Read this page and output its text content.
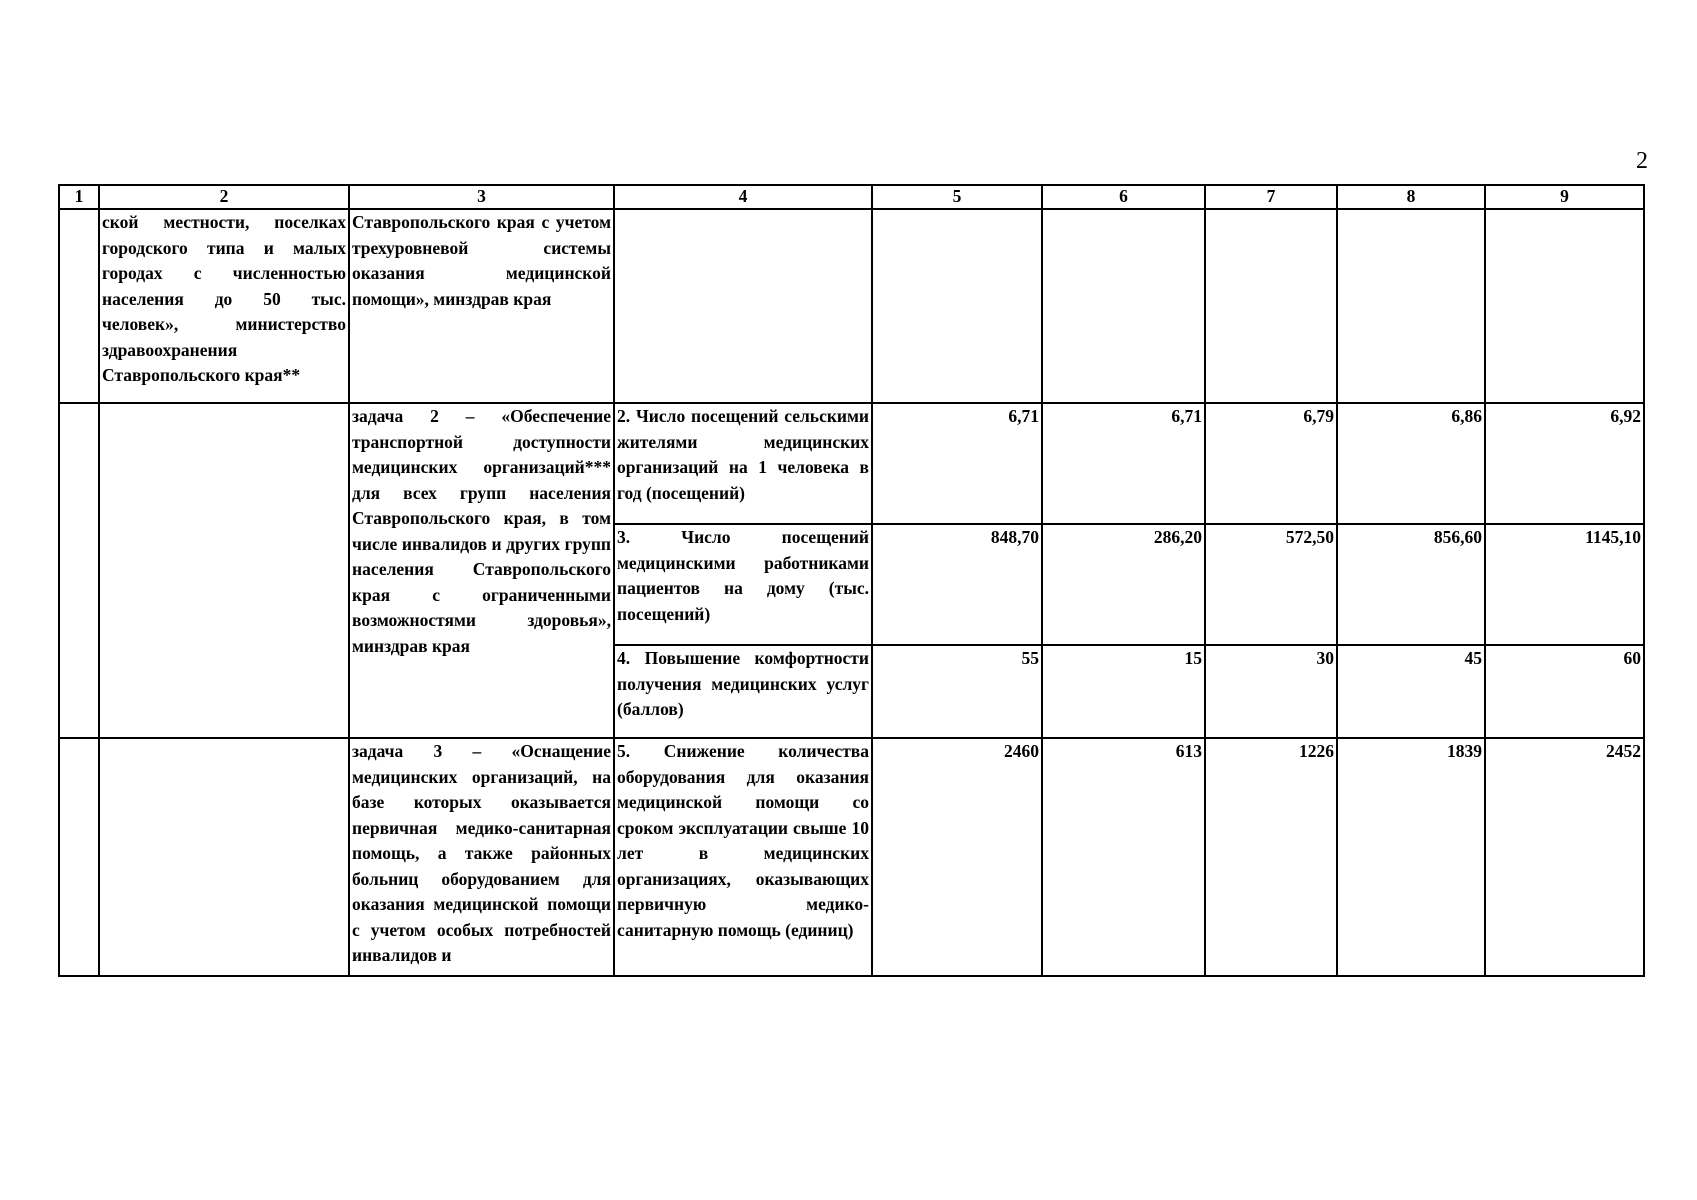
2
1	2	3	4	5	6	7	8	9
	ской местности, поселках городского типа и малых городах с численностью населения до 50 тыс. человек», министерство здравоохранения Ставропольского края**	Ставропольского края с учетом трехуровневой системы оказания медицинской помощи», минздрав края						
		задача 2 – «Обеспечение транспортной доступности медицинских организаций*** для всех групп населения Ставропольского края, в том числе инвалидов и других групп населения Ставропольского края с ограниченными возможностями здоровья», минздрав края	2. Число посещений сельскими жителями медицинских организаций на 1 человека в год (посещений)	6,71	6,71	6,79	6,86	6,92
			3. Число посещений медицинскими работниками пациентов на дому (тыс. посещений)	848,70	286,20	572,50	856,60	1145,10
			4. Повышение комфортности получения медицинских услуг (баллов)	55	15	30	45	60
		задача 3 – «Оснащение медицинских организаций, на базе которых оказывается первичная медико-санитарная помощь, а также районных больниц оборудованием для оказания медицинской помощи с учетом особых потребностей инвалидов и	5. Снижение количества оборудования для оказания медицинской помощи со сроком эксплуатации свыше 10 лет в медицинских организациях, оказывающих первичную медико-санитарную помощь (единиц)	2460	613	1226	1839	2452
